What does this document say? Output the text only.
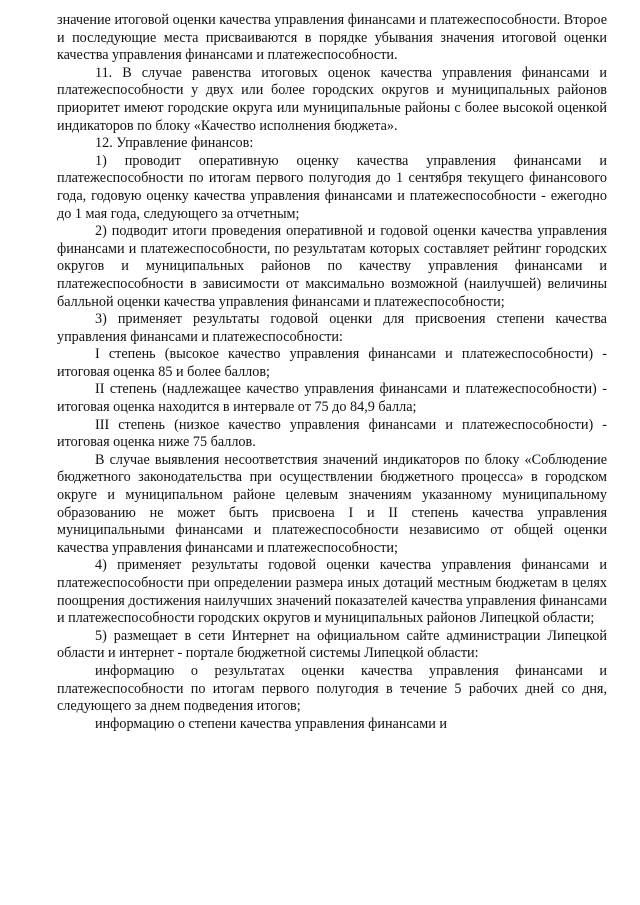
значение итоговой оценки качества управления финансами и платежеспособности. Второе и последующие места присваиваются в порядке убывания значения итоговой оценки качества управления финансами и платежеспособности.

11. В случае равенства итоговых оценок качества управления финансами и платежеспособности у двух или более городских округов и муниципальных районов приоритет имеют городские округа или муниципальные районы с более высокой оценкой индикаторов по блоку «Качество исполнения бюджета».

12. Управление финансов:

1) проводит оперативную оценку качества управления финансами и платежеспособности по итогам первого полугодия до 1 сентября текущего финансового года, годовую оценку качества управления финансами и платежеспособности - ежегодно до 1 мая года, следующего за отчетным;

2) подводит итоги проведения оперативной и годовой оценки качества управления финансами и платежеспособности, по результатам которых составляет рейтинг городских округов и муниципальных районов по качеству управления финансами и платежеспособности в зависимости от максимально возможной (наилучшей) величины балльной оценки качества управления финансами и платежеспособности;

3) применяет результаты годовой оценки для присвоения степени качества управления финансами и платежеспособности:

I степень (высокое качество управления финансами и платежеспособности) - итоговая оценка 85 и более баллов;

II степень (надлежащее качество управления финансами и платежеспособности) - итоговая оценка находится в интервале от 75 до 84,9 балла;

III степень (низкое качество управления финансами и платежеспособности) - итоговая оценка ниже 75 баллов.

В случае выявления несоответствия значений индикаторов по блоку «Соблюдение бюджетного законодательства при осуществлении бюджетного процесса» в городском округе и муниципальном районе целевым значениям указанному муниципальному образованию не может быть присвоена I и II степень качества управления муниципальными финансами и платежеспособности независимо от общей оценки качества управления финансами и платежеспособности;

4) применяет результаты годовой оценки качества управления финансами и платежеспособности при определении размера иных дотаций местным бюджетам в целях поощрения достижения наилучших значений показателей качества управления финансами и платежеспособности городских округов и муниципальных районов Липецкой области;

5) размещает в сети Интернет на официальном сайте администрации Липецкой области и интернет - портале бюджетной системы Липецкой области:

информацию о результатах оценки качества управления финансами и платежеспособности по итогам первого полугодия в течение 5 рабочих дней со дня, следующего за днем подведения итогов;

информацию о степени качества управления финансами и
